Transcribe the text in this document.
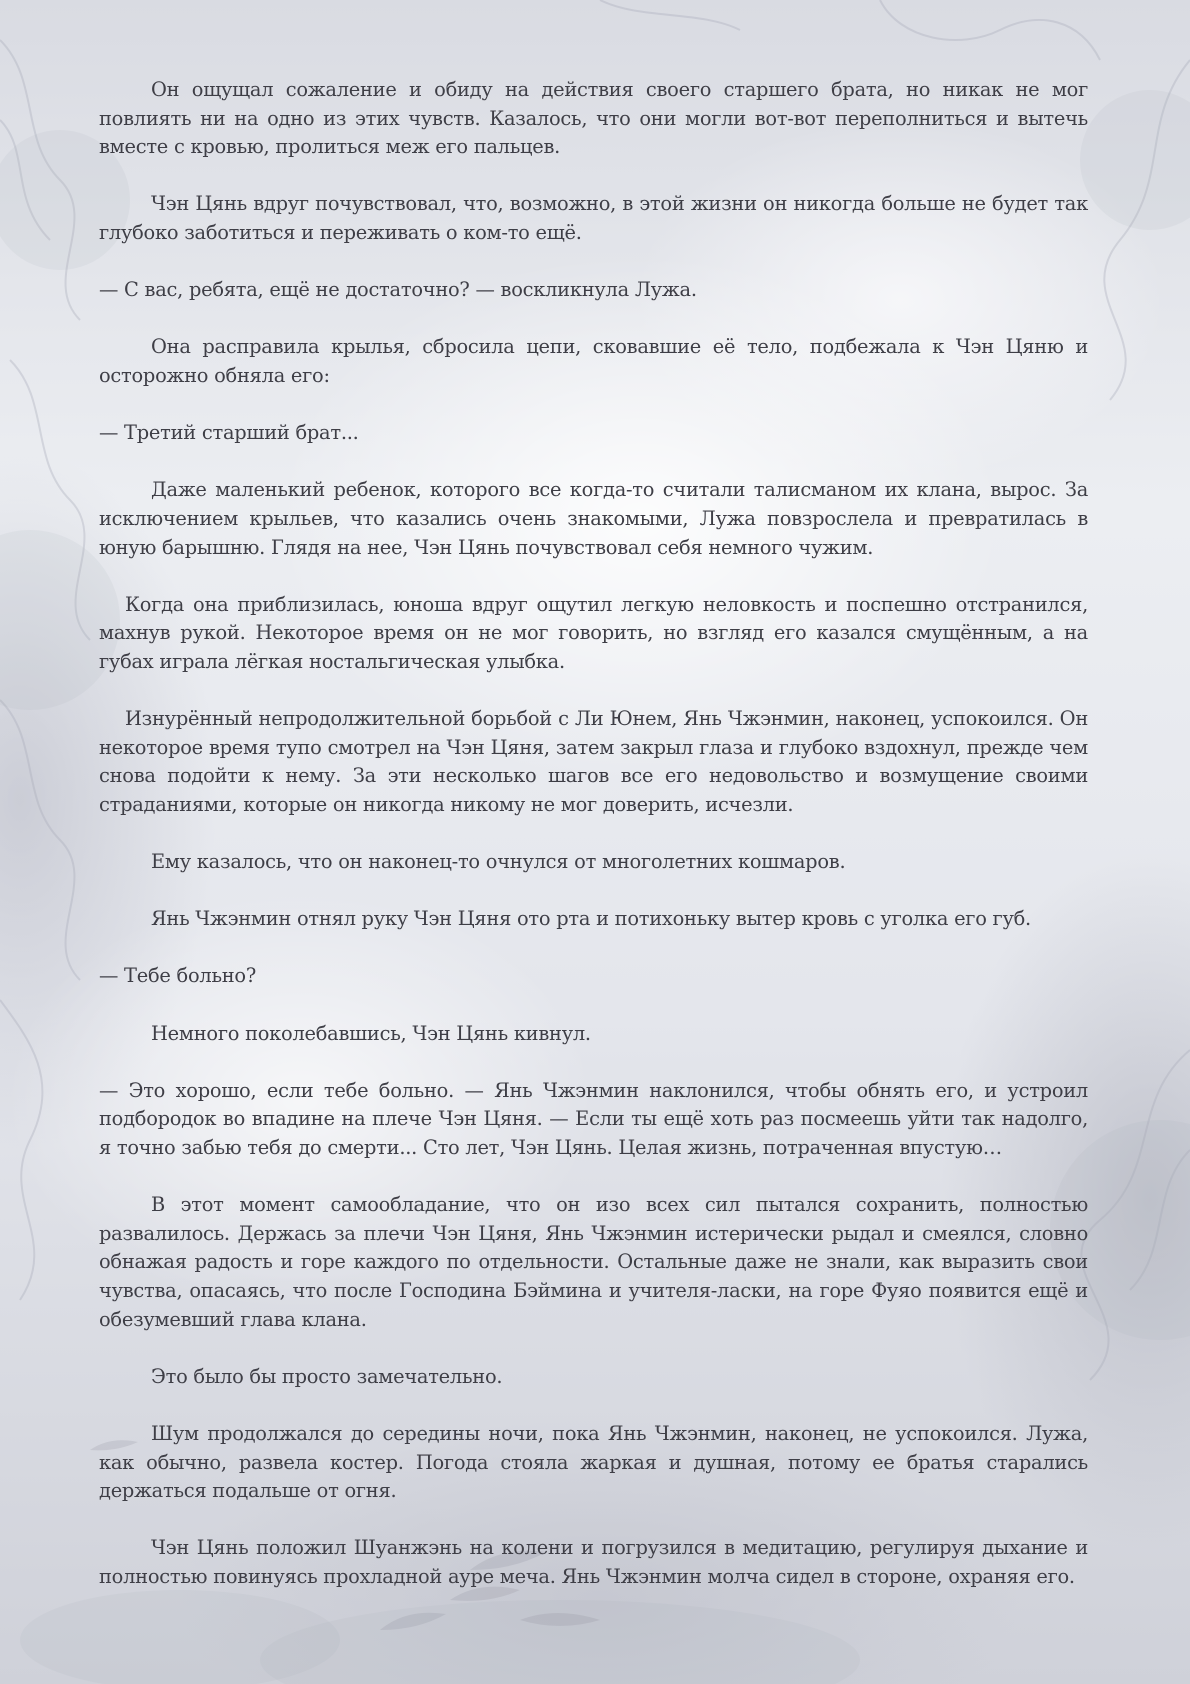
Он ощущал сожаление и обиду на действия своего старшего брата, но никак не мог повлиять ни на одно из этих чувств. Казалось, что они могли вот-вот переполниться и вытечь вместе с кровью, пролиться меж его пальцев.

Чэн Цянь вдруг почувствовал, что, возможно, в этой жизни он никогда больше не будет так глубоко заботиться и переживать о ком-то ещё.

— С вас, ребята, ещё не достаточно? — воскликнула Лужа.

Она расправила крылья, сбросила цепи, сковавшие её тело, подбежала к Чэн Цяню и осторожно обняла его:

— Третий старший брат...

Даже маленький ребенок, которого все когда-то считали талисманом их клана, вырос. За исключением крыльев, что казались очень знакомыми, Лужа повзрослела и превратилась в юную барышню. Глядя на нее, Чэн Цянь почувствовал себя немного чужим.

Когда она приблизилась, юноша вдруг ощутил легкую неловкость и поспешно отстранился, махнув рукой. Некоторое время он не мог говорить, но взгляд его казался смущённым, а на губах играла лёгкая ностальгическая улыбка.

Изнурённый непродолжительной борьбой с Ли Юнем, Янь Чжэнмин, наконец, успокоился. Он некоторое время тупо смотрел на Чэн Цяня, затем закрыл глаза и глубоко вздохнул, прежде чем снова подойти к нему. За эти несколько шагов все его недовольство и возмущение своими страданиями, которые он никогда никому не мог доверить, исчезли.

Ему казалось, что он наконец-то очнулся от многолетних кошмаров.

Янь Чжэнмин отнял руку Чэн Цяня ото рта и потихоньку вытер кровь с уголка его губ.

— Тебе больно?

Немного поколебавшись, Чэн Цянь кивнул.

— Это хорошо, если тебе больно. — Янь Чжэнмин наклонился, чтобы обнять его, и устроил подбородок во впадине на плече Чэн Цяня. — Если ты ещё хоть раз посмеешь уйти так надолго, я точно забью тебя до смерти... Сто лет, Чэн Цянь. Целая жизнь, потраченная впустую…

В этот момент самообладание, что он изо всех сил пытался сохранить, полностью развалилось. Держась за плечи Чэн Цяня, Янь Чжэнмин истерически рыдал и смеялся, словно обнажая радость и горе каждого по отдельности. Остальные даже не знали, как выразить свои чувства, опасаясь, что после Господина Бэймина и учителя-ласки, на горе Фуяо появится ещё и обезумевший глава клана.

Это было бы просто замечательно.

Шум продолжался до середины ночи, пока Янь Чжэнмин, наконец, не успокоился. Лужа, как обычно, развела костер. Погода стояла жаркая и душная, потому ее братья старались держаться подальше от огня.

Чэн Цянь положил Шуанжэнь на колени и погрузился в медитацию, регулируя дыхание и полностью повинуясь прохладной ауре меча. Янь Чжэнмин молча сидел в стороне, охраняя его.
